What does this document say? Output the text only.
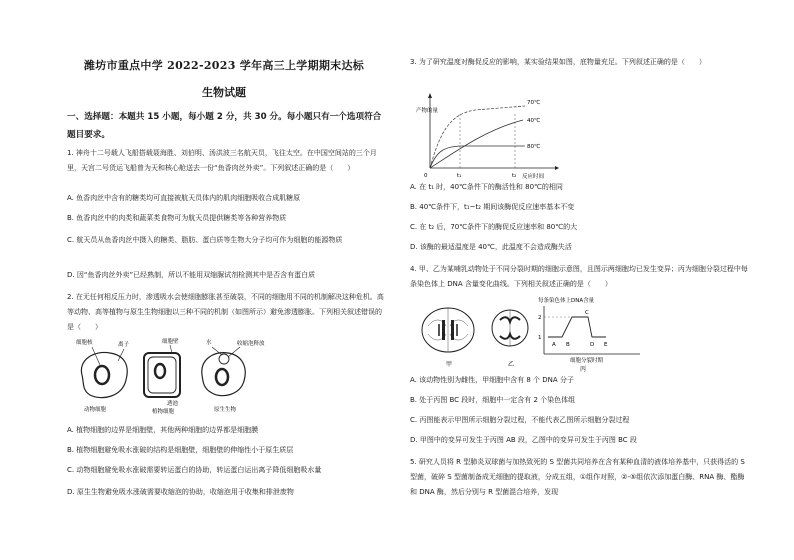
潍坊市重点中学 2022-2023 学年高三上学期期末达标
生物试题
一、选择题：本题共 15 小题，每小题 2 分，共 30 分。每小题只有一个选项符合题目要求。
1. 神舟十二号载人飞船搭载聂海胜、刘伯明、汤洪波三名航天员，飞往太空。在中国空间站的三个月里，天宫二号货运飞船曾为天和核心舱送去一份“鱼香肉丝外卖”。下列叙述正确的是（　　）
A. 鱼香肉丝中含有的糖类均可直接被航天员体内的肌肉细胞吸收合成肌糖原
B. 鱼香肉丝中的肉类和蔬菜类食物可为航天员提供糖类等各种营养物质
C. 航天员从鱼香肉丝中摄入的糖类、脂肪、蛋白质等生物大分子均可作为细胞的能源物质
D. 因“鱼香肉丝外卖”已经熟制，所以不能用双缩脲试剂检测其中是否含有蛋白质
2. 在无任何相反压力时，渗透吸水会使细胞膨胀甚至破裂，不同的细胞用不同的机制解决这种危机。高等动物、高等植物与原生生物细胞以三种不同的机制（如图所示）避免渗透膨胀。下列相关叙述错误的是（　　）
细胞核	离子
动物细胞
细胞壁
透池
植物细胞
水	收缩泡释放
原生生物
A. 植物细胞的边界是细胞壁，其他两种细胞的边界都是细胞膜
B. 植物细胞避免吸水涨破的结构是细胞壁，细胞壁的伸缩性小于原生质层
C. 动物细胞避免吸水涨破需要转运蛋白的协助，转运蛋白运出离子降低细胞吸水量
D. 原生生物避免吸水涨破需要收缩泡的协助，收缩泡用于收集和排泄废物
3. 为了研究温度对酶促反应的影响，某实验结果如图，底物量充足。下列叙述正确的是（　　）
产物的量
反应时间
0	t₁	t₂
70℃
40℃
80℃
A. 在 t₁ 时，40℃条件下的酶活性和 80℃的相同
B. 40℃条件下，t₁~t₂ 期间该酶促反应速率基本不变
C. 在 t₂ 后，70℃条件下的酶促反应速率和 80℃的大
D. 该酶的最适温度是 40℃，此温度不会造成酶失活
4. 甲、乙为某哺乳动物处于不同分裂时期的细胞示意图，且图示两细胞均已发生变异；丙为细胞分裂过程中每条染色体上 DNA 含量变化曲线。下列相关叙述正确的是（　　）
甲	乙
每条染色体上DNA含量
2
1
A B
C
D E
细胞分裂时期
丙
A. 该动物性别为雌性，甲细胞中含有 8 个 DNA 分子
B. 处于丙图 BC 段时，细胞中一定含有 2 个染色体组
C. 丙图能表示甲图所示细胞分裂过程，不能代表乙图所示细胞分裂过程
D. 甲图中的变异可发生于丙图 AB 段，乙图中的变异可发生于丙图 BC 段
5. 研究人员将 R 型肺炎双球菌与加热致死的 S 型菌共同培养在含有某种血清的液体培养基中，只获得活的 S 型菌，破碎 S 型菌制备成无细胞的提取液，分成五组，①组作对照，②-⑤组依次添加蛋白酶、RNA 酶、酯酶和 DNA 酶，然后分别与 R 型菌混合培养，发现
